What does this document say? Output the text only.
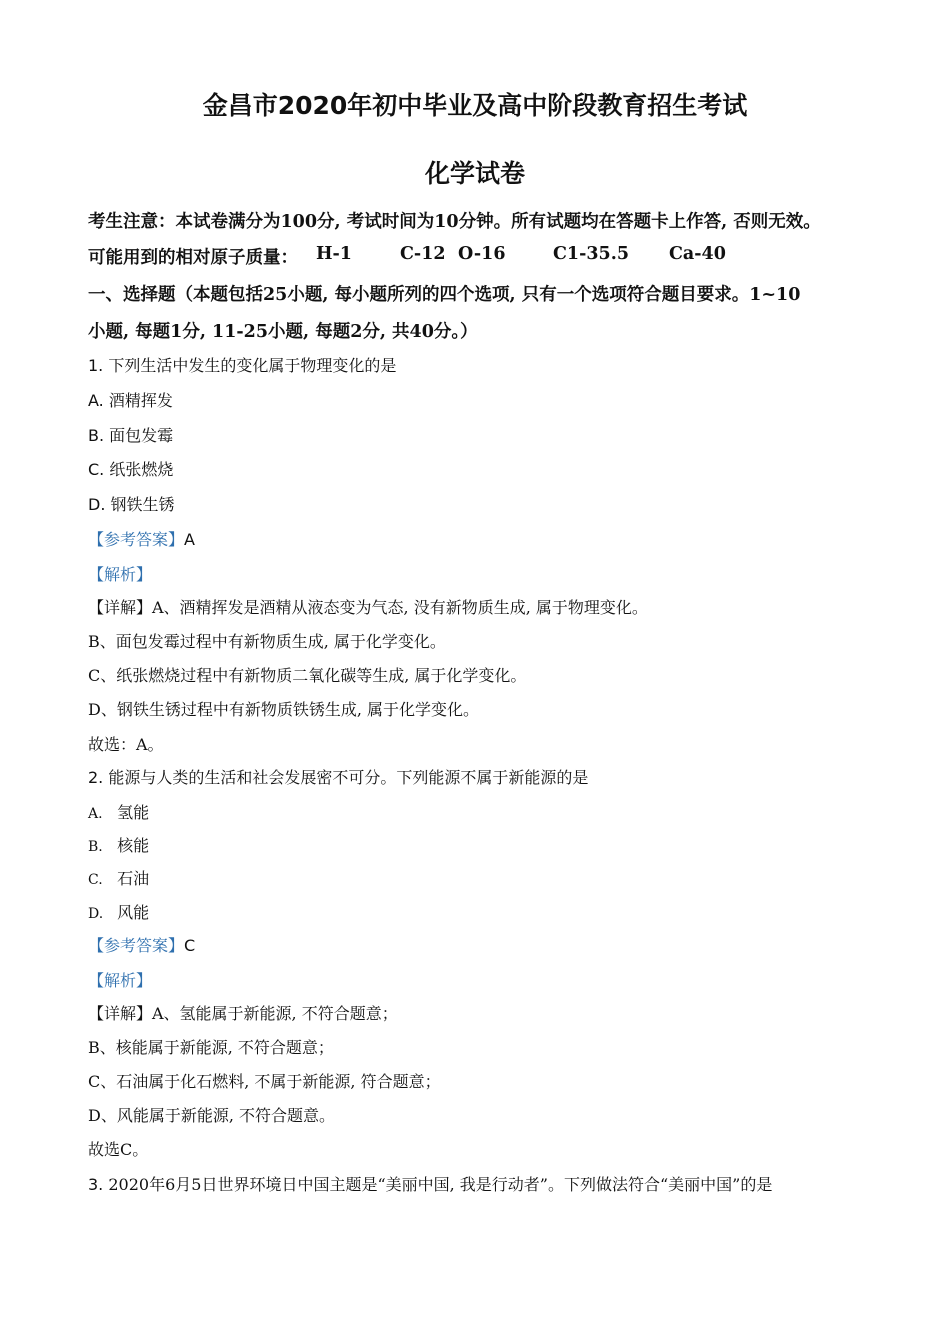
金昌市2020年初中毕业及高中阶段教育招生考试
化学试卷
考生注意：本试卷满分为100分, 考试时间为10分钟。所有试题均在答题卡上作答, 否则无效。
可能用到的相对原子质量： H-1	C-12 O-16	C1-35.5 Ca-40
一、选择题（本题包括25小题, 每小题所列的四个选项, 只有一个选项符合题目要求。1~10
小题, 每题1分, 11-25小题, 每题2分, 共40分。）
1. 下列生活中发生的变化属于物理变化的是
A. 酒精挥发
B. 面包发霉
C. 纸张燃烧
D. 钢铁生锈
【参考答案】A
【解析】
【详解】A、酒精挥发是酒精从液态变为气态, 没有新物质生成, 属于物理变化。
B、面包发霉过程中有新物质生成, 属于化学变化。
C、纸张燃烧过程中有新物质二氧化碳等生成, 属于化学变化。
D、钢铁生锈过程中有新物质铁锈生成, 属于化学变化。
故选：A。
2. 能源与人类的生活和社会发展密不可分。下列能源不属于新能源的是
A. 氢能
B. 核能
C. 石油
D. 风能
【参考答案】C
【解析】
【详解】A、氢能属于新能源, 不符合题意；
B、核能属于新能源, 不符合题意；
C、石油属于化石燃料, 不属于新能源, 符合题意；
D、风能属于新能源, 不符合题意。
故选C。
3. 2020年6月5日世界环境日中国主题是“美丽中国, 我是行动者”。下列做法符合“美丽中国”的是
